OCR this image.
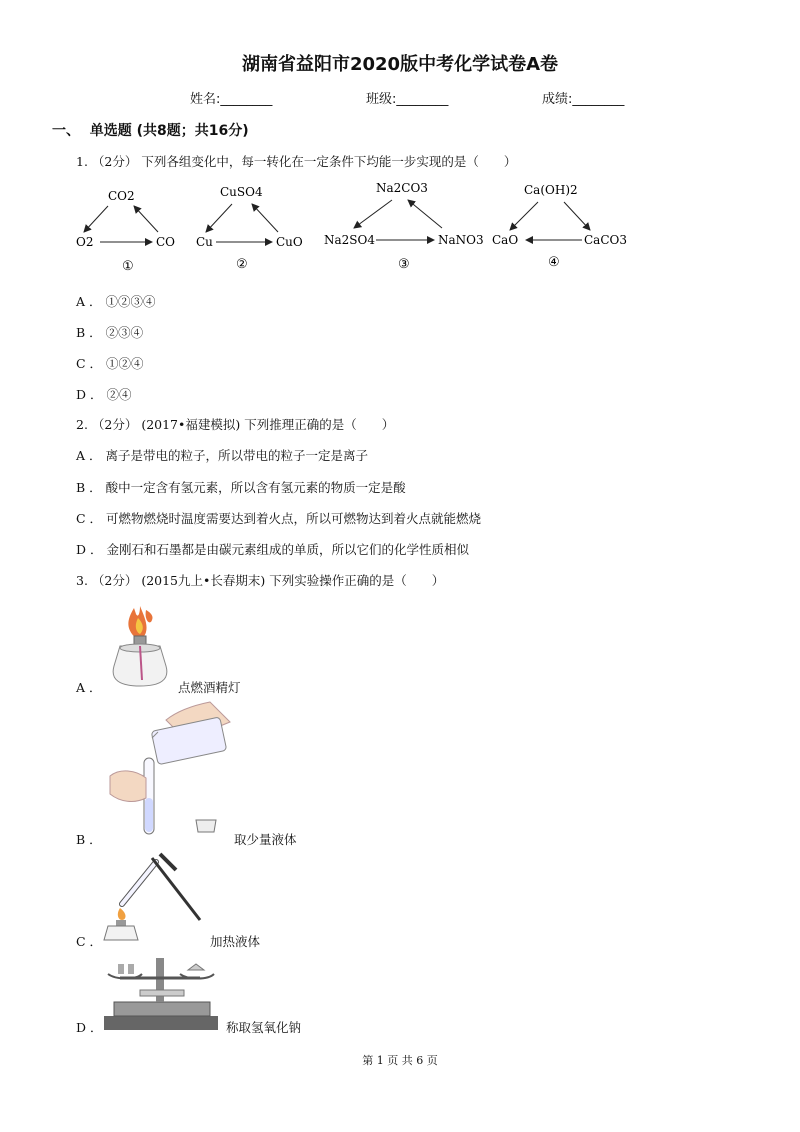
湖南省益阳市2020版中考化学试卷A卷
姓名:________	班级:________	成绩:________
一、 单选题 (共8题；共16分)
1. （2分） 下列各组变化中，每一转化在一定条件下均能一步实现的是（　　）
CO2
O2	CO
①
CuSO4
Cu	CuO
②
Na2CO3
Na2SO4	NaNO3
③
Ca(OH)2
CaO	CaCO3
④
A ． ①②③④
B ． ②③④
C ． ①②④
D ． ②④
2. （2分） (2017•福建模拟) 下列推理正确的是（　　）
A ． 离子是带电的粒子，所以带电的粒子一定是离子
B ． 酸中一定含有氢元素，所以含有氢元素的物质一定是酸
C ． 可燃物燃烧时温度需要达到着火点，所以可燃物达到着火点就能燃烧
D ． 金刚石和石墨都是由碳元素组成的单质，所以它们的化学性质相似
3. （2分） (2015九上•长春期末) 下列实验操作正确的是（　　）
A ．	点燃酒精灯
B ．	取少量液体
C ．	加热液体
D ．	称取氢氧化钠
第 1 页 共 6 页
